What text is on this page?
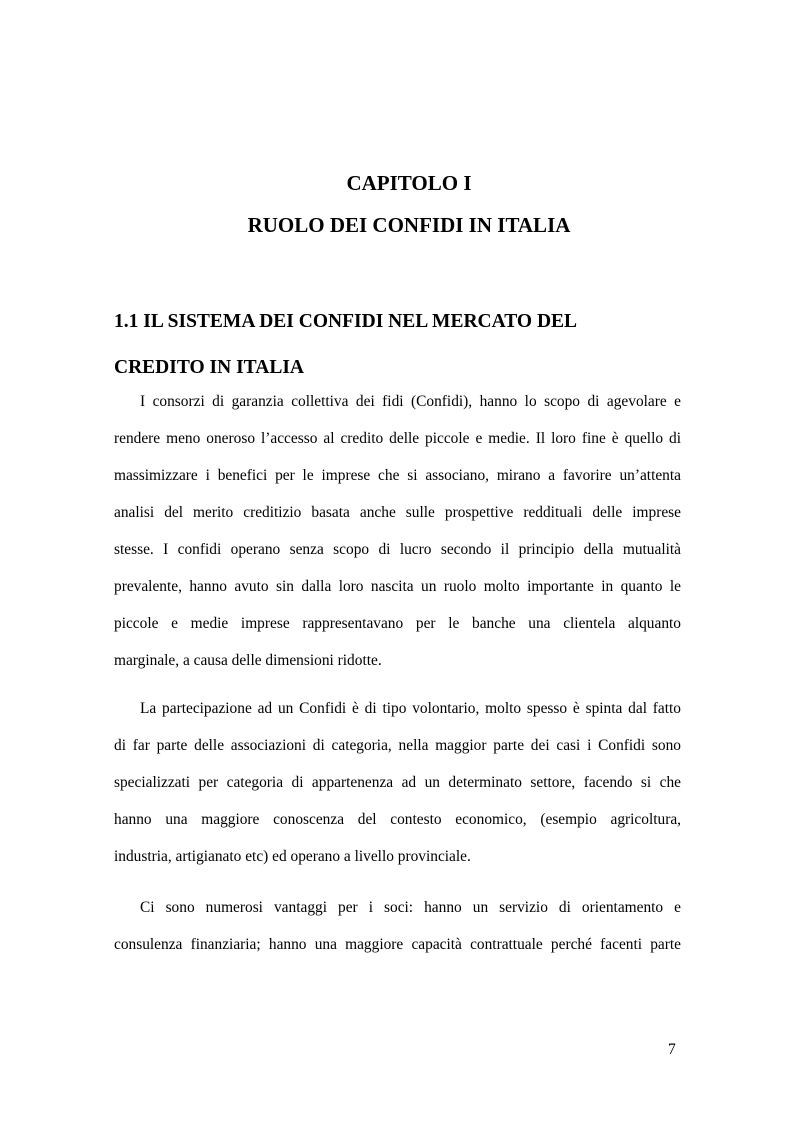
CAPITOLO I
RUOLO DEI CONFIDI IN ITALIA
1.1 IL SISTEMA DEI CONFIDI NEL MERCATO DEL
CREDITO IN ITALIA
I consorzi di garanzia collettiva dei fidi (Confidi), hanno lo scopo di agevolare e
rendere meno oneroso l’accesso al credito delle piccole e medie. Il loro fine è quello di
massimizzare i benefici per le imprese che si associano, mirano a favorire un’attenta
analisi del merito creditizio basata anche sulle prospettive reddituali delle imprese
stesse. I confidi operano senza scopo di lucro secondo il principio della mutualità
prevalente, hanno avuto sin dalla loro nascita un ruolo molto importante in quanto le
piccole e medie imprese rappresentavano per le banche una clientela alquanto
marginale, a causa delle dimensioni ridotte.
La partecipazione ad un Confidi è di tipo volontario, molto spesso è spinta dal fatto
di far parte delle associazioni di categoria, nella maggior parte dei casi i Confidi sono
specializzati per categoria di appartenenza ad un determinato settore, facendo si che
hanno una maggiore conoscenza del contesto economico, (esempio agricoltura,
industria, artigianato etc) ed operano a livello provinciale.
Ci sono numerosi vantaggi per i soci: hanno un servizio di orientamento e
consulenza finanziaria; hanno una maggiore capacità contrattuale perché facenti parte
7
